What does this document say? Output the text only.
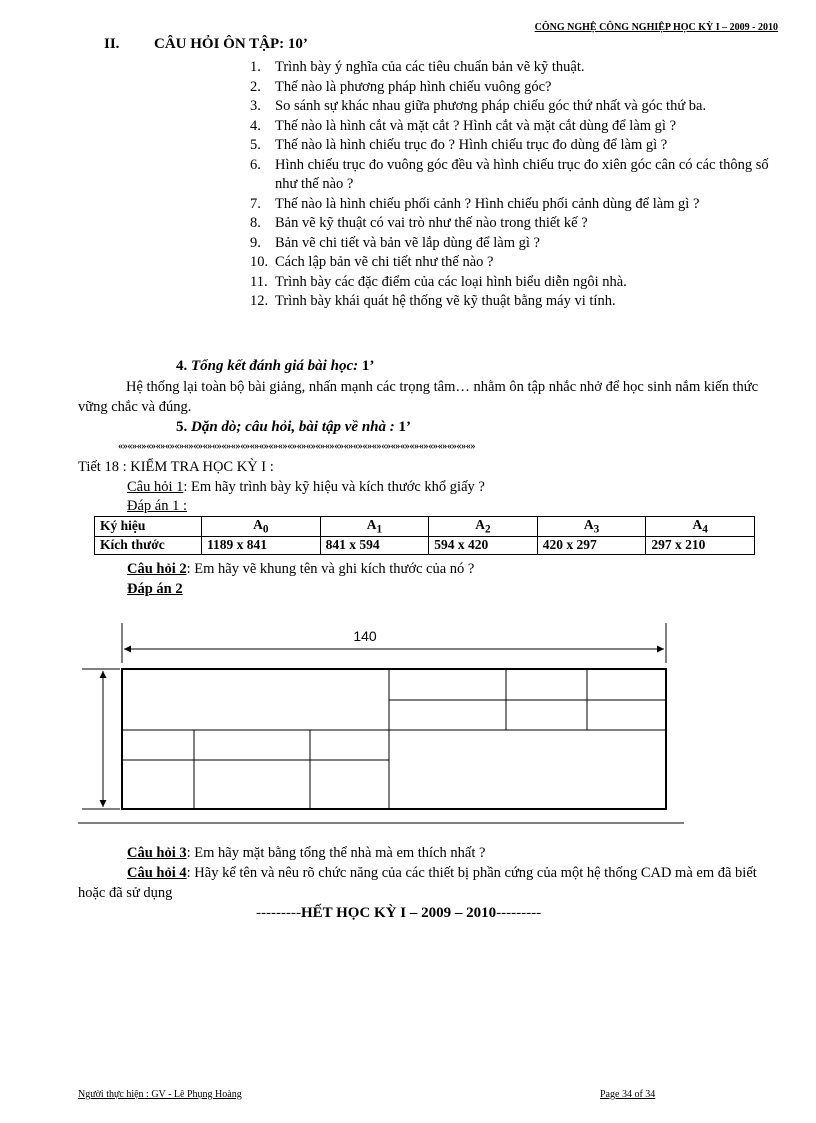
CÔNG NGHỆ CÔNG NGHIỆP HỌC KỲ I – 2009 - 2010
II. CÂU HỎI ÔN TẬP: 10’
1. Trình bày ý nghĩa của các tiêu chuẩn bản vẽ kỹ thuật.
2. Thế nào là phương pháp hình chiếu vuông góc?
3. So sánh sự khác nhau giữa phương pháp chiếu góc thứ nhất và góc thứ ba.
4. Thế nào là hình cắt và mặt cắt ? Hình cắt và mặt cắt dùng để làm gì ?
5. Thế nào là hình chiếu trục đo ? Hình chiếu trục đo dùng để làm gì ?
6. Hình chiếu trục đo vuông góc đều và hình chiếu trục đo xiên góc cân có các thông số như thế nào ?
7. Thế nào là hình chiếu phối cảnh ? Hình chiếu phối cảnh dùng để làm gì ?
8. Bản vẽ kỹ thuật có vai trò như thế nào trong thiết kế ?
9. Bản vẽ chi tiết và bản vẽ lắp dùng để làm gì ?
10. Cách lập bản vẽ chi tiết như thế nào ?
11. Trình bày các đặc điểm của các loại hình biểu diễn ngôi nhà.
12. Trình bày khái quát hệ thống vẽ kỹ thuật bằng máy vi tính.
4. Tổng kết đánh giá bài học: 1’
Hệ thống lại toàn bộ bài giảng, nhấn mạnh các trọng tâm… nhằm ôn tập nhắc nhở để học sinh nắm kiến thức vững chắc và đúng.
5. Dặn dò; câu hỏi, bài tập về nhà : 1’
«»«»«»«»«»«»«»«»«»«»«»«»«»«»«»«»«»«»«»«»«»«»«»«»«»«»«»«»«»«»«»«»«»«»«»«»«»«»
Tiết 18 : KIỂM TRA HỌC KỲ I :
Câu hỏi 1: Em hãy trình bày kỹ hiệu và kích thước khổ giấy ?
Đáp án 1 :
Ký hiệu	$A_0$	$A_1$	$A_2$	$A_3$	$A_4$
Kích thước	1189 x 841	841 x 594	594 x 420	420 x 297	297 x 210
Câu hỏi 2: Em hãy vẽ khung tên và ghi kích thước của nó ?
Đáp án 2
140
Câu hỏi 3: Em hãy mặt bằng tổng thể nhà mà em thích nhất ?
Câu hỏi 4: Hãy kể tên và nêu rõ chức năng của các thiết bị phần cứng của một hệ thống CAD mà em đã biết hoặc đã sử dụng
---------HẾT HỌC KỲ I – 2009 – 2010---------
Người thực hiện : GV - Lê Phụng Hoàng	Page 34 of 34
